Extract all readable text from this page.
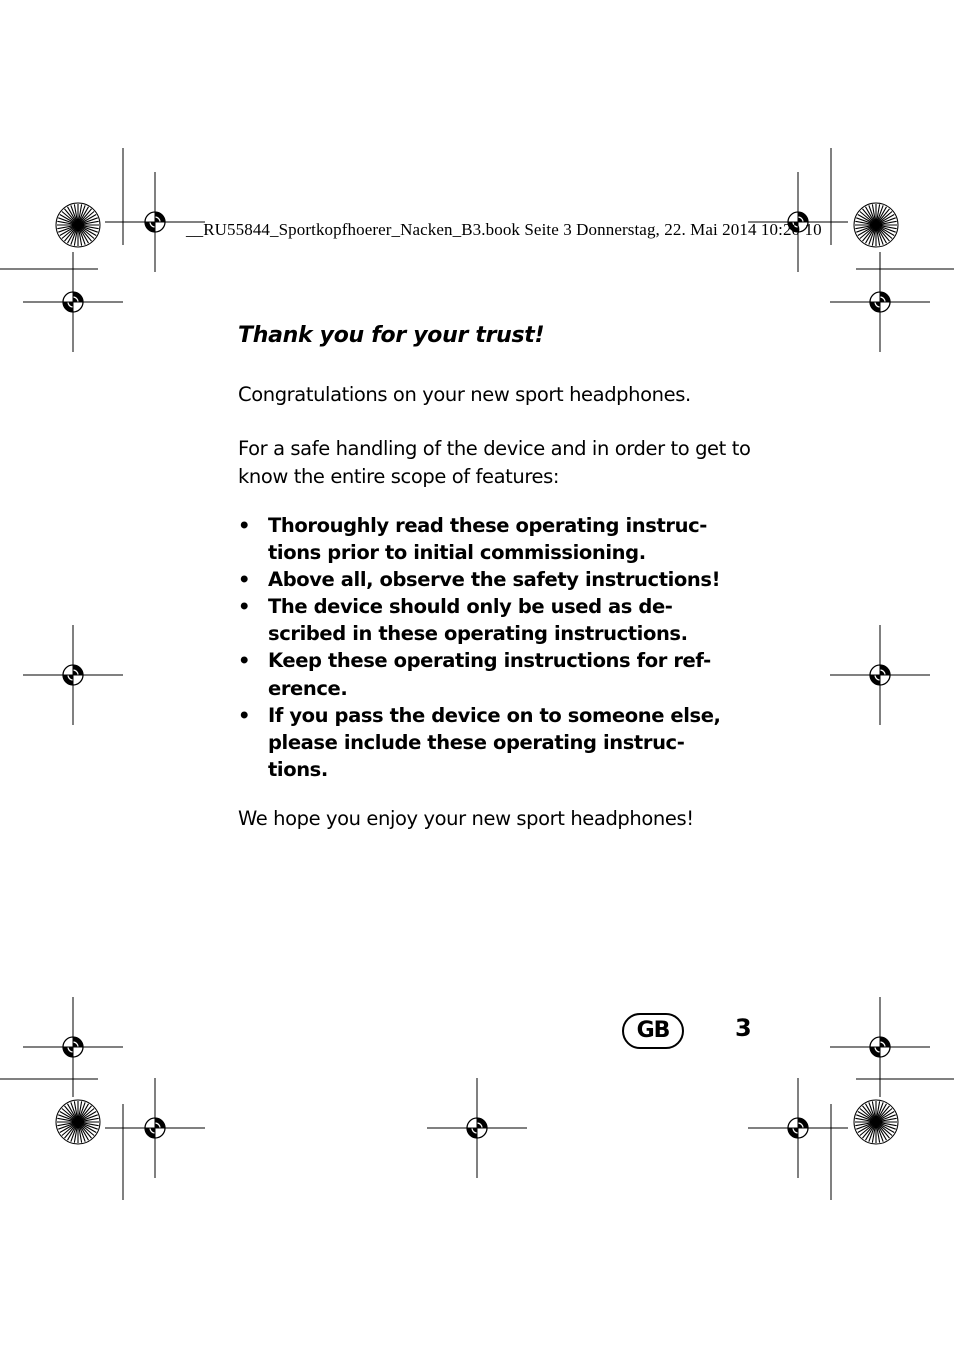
__RU55844_Sportkopfhoerer_Nacken_B3.book Seite 3 Donnerstag, 22. Mai 2014 10:20 10
Thank you for your trust!
Congratulations on your new sport headphones.
For a safe handling of the device and in order to get to know the entire scope of features:
• Thoroughly read these operating instruc-
tions prior to initial commissioning.
• Above all, observe the safety instructions!
• The device should only be used as de-
scribed in these operating instructions.
• Keep these operating instructions for ref-
erence.
• If you pass the device on to someone else,
please include these operating instruc-
tions.
We hope you enjoy your new sport headphones!
GB	3
